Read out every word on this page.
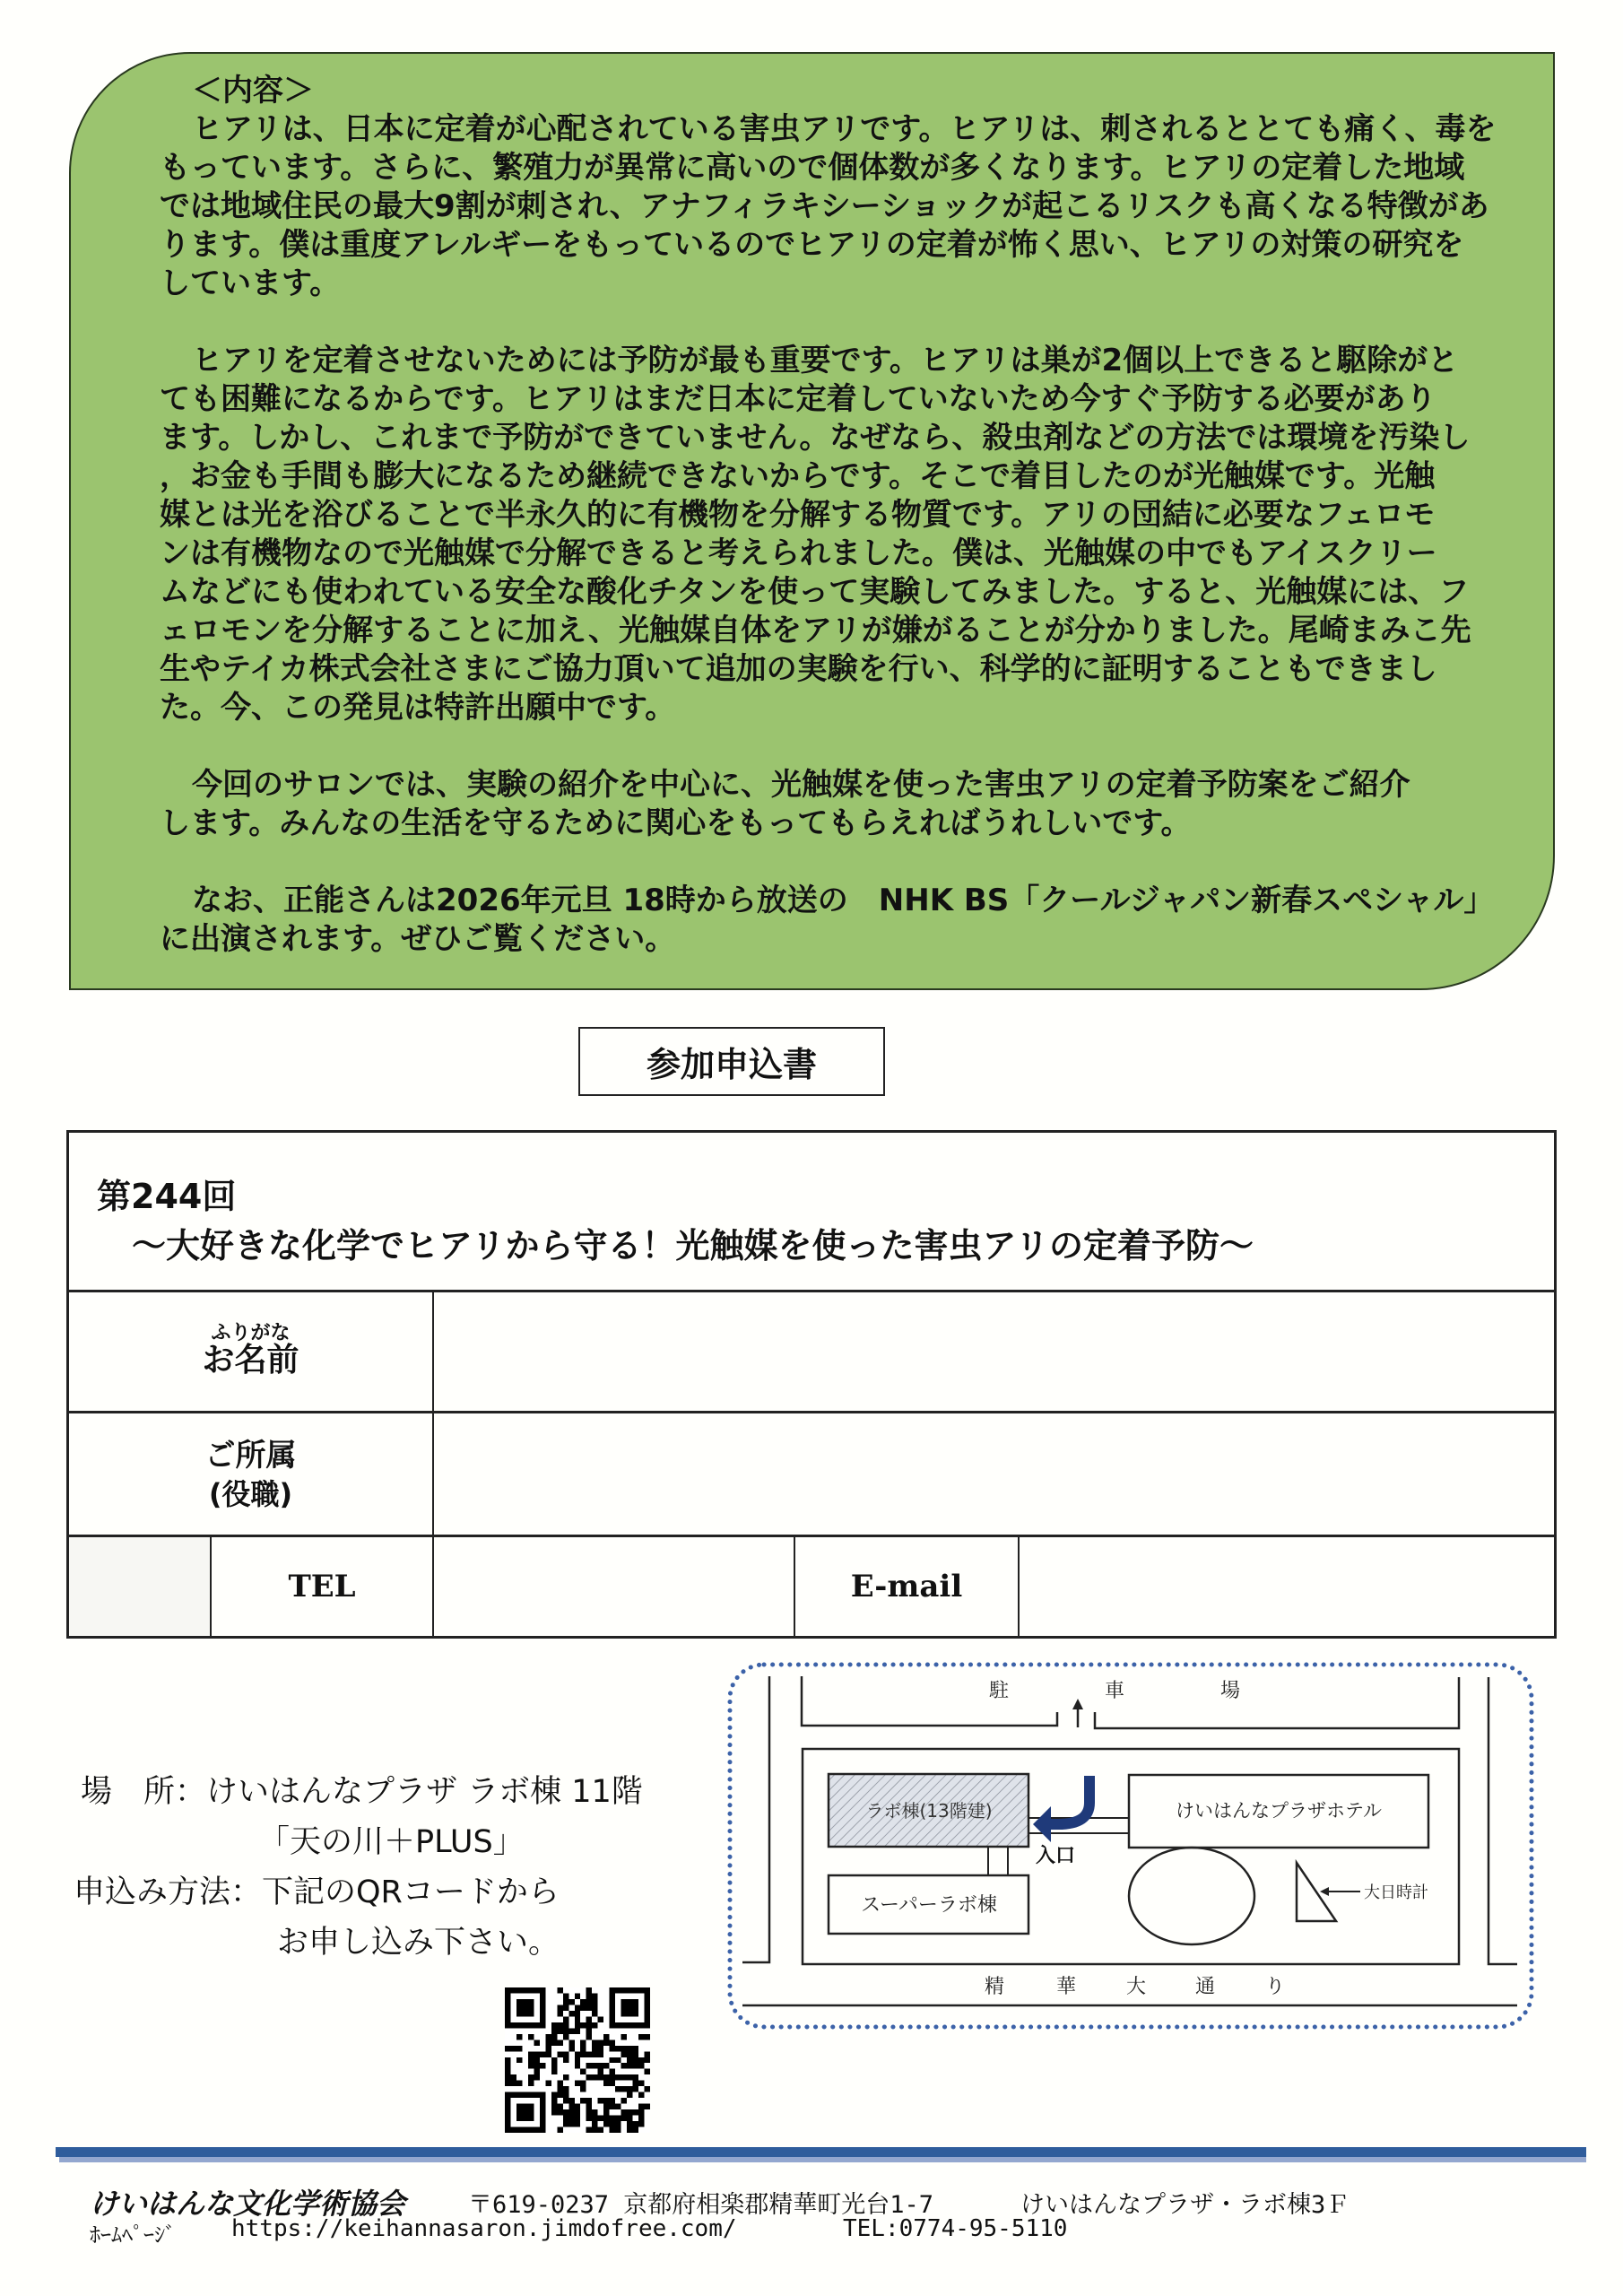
＜内容＞
ヒアリは、日本に定着が心配されている害虫アリです。ヒアリは、刺されるととても痛く、毒を
もっています。さらに、繁殖力が異常に高いので個体数が多くなります。ヒアリの定着した地域
では地域住民の最大9割が刺され、アナフィラキシーショックが起こるリスクも高くなる特徴があ
ります。僕は重度アレルギーをもっているのでヒアリの定着が怖く思い、ヒアリの対策の研究を
しています。
ヒアリを定着させないためには予防が最も重要です。ヒアリは巣が2個以上できると駆除がと
ても困難になるからです。ヒアリはまだ日本に定着していないため今すぐ予防する必要があり
ます。しかし、これまで予防ができていません。なぜなら、殺虫剤などの方法では環境を汚染し
，お金も手間も膨大になるため継続できないからです。そこで着目したのが光触媒です。光触
媒とは光を浴びることで半永久的に有機物を分解する物質です。アリの団結に必要なフェロモ
ンは有機物なので光触媒で分解できると考えられました。僕は、光触媒の中でもアイスクリー
ムなどにも使われている安全な酸化チタンを使って実験してみました。すると、光触媒には、フ
ェロモンを分解することに加え、光触媒自体をアリが嫌がることが分かりました。尾崎まみこ先
生やテイカ株式会社さまにご協力頂いて追加の実験を行い、科学的に証明することもできまし
た。今、この発見は特許出願中です。
今回のサロンでは、実験の紹介を中心に、光触媒を使った害虫アリの定着予防案をご紹介
します。みんなの生活を守るために関心をもってもらえればうれしいです。
なお、正能さんは2026年元旦 18時から放送の　NHK BS「クールジャパン新春スペシャル」
に出演されます。ぜひご覧ください。
参加申込書
第244回
～大好きな化学でヒアリから守る！光触媒を使った害虫アリの定着予防～
ふりがな
お名前
ご所属
(役職)
TEL	E-mail
場　所：けいはんなプラザ ラボ棟 11階
「天の川＋PLUS」
申込み方法：下記のQRコードから
お申し込み下さい。
駐	車	場
ラボ棟(13階建)	けいはんなプラザホテル
スーパーラボ棟
入口
大日時計
精	華	大 通	り
けいはんな文化学術協会	〒619-0237 京都府相楽郡精華町光台1-7	けいはんなプラザ・ラボ棟3Ｆ
ﾎｰﾑﾍﾟｰｼﾞ https://keihannasaron.jimdofree.com/	TEL:0774-95-5110
